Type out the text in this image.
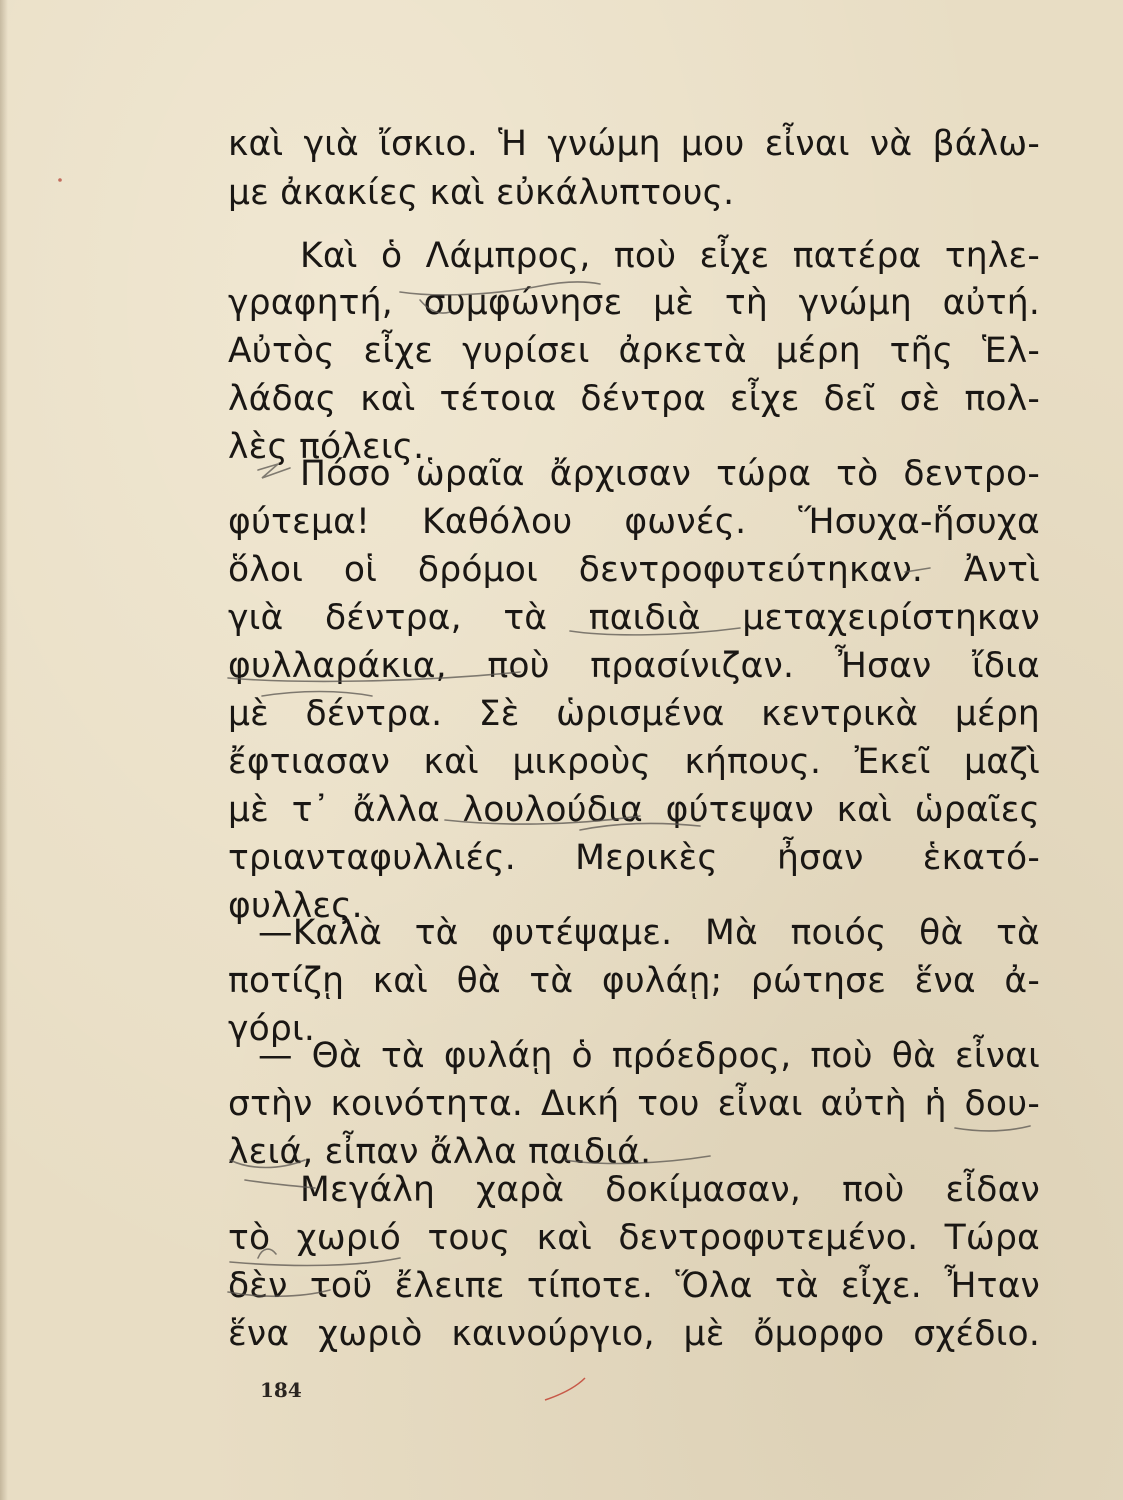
καὶ γιὰ ἴσκιο. Ἡ γνώμη μου εἶναι νὰ βάλω-
με ἀκακίες καὶ εὐκάλυπτους.
Καὶ ὁ Λάμπρος, ποὺ εἶχε πατέρα τηλε-
γραφητή, συμφώνησε μὲ τὴ γνώμη αὐτή.
Αὐτὸς εἶχε γυρίσει ἀρκετὰ μέρη τῆς Ἑλ-
λάδας καὶ τέτοια δέντρα εἶχε δεῖ σὲ πολ-
λὲς πόλεις.
Πόσο ὡραῖα ἄρχισαν τώρα τὸ δεντρο-
φύτεμα! Καθόλου φωνές. Ἥσυχα-ἥσυχα
ὅλοι οἱ δρόμοι δεντροφυτεύτηκαν. Ἀντὶ
γιὰ δέντρα, τὰ παιδιὰ μεταχειρίστηκαν
φυλλαράκια, ποὺ πρασίνιζαν. Ἦσαν ἴδια
μὲ δέντρα. Σὲ ὡρισμένα κεντρικὰ μέρη
ἔφτιασαν καὶ μικροὺς κήπους. Ἐκεῖ μαζὶ
μὲ τ᾿ ἄλλα λουλούδια φύτεψαν καὶ ὡραῖες
τριανταφυλλιές. Μερικὲς ἦσαν ἑκατό-
φυλλες.
—Καλὰ τὰ φυτέψαμε. Μὰ ποιός θὰ τὰ
ποτίζῃ καὶ θὰ τὰ φυλάῃ; ρώτησε ἕνα ἀ-
γόρι.
— Θὰ τὰ φυλάῃ ὁ πρόεδρος, ποὺ θὰ εἶναι
στὴν κοινότητα. Δική του εἶναι αὐτὴ ἡ δου-
λειά, εἶπαν ἄλλα παιδιά.
Μεγάλη χαρὰ δοκίμασαν, ποὺ εἶδαν
τὸ χωριό τους καὶ δεντροφυτεμένο. Τώρα
δὲν τοῦ ἔλειπε τίποτε. Ὅλα τὰ εἶχε. Ἦταν
ἕνα χωριὸ καινούργιο, μὲ ὄμορφο σχέδιο.
184
